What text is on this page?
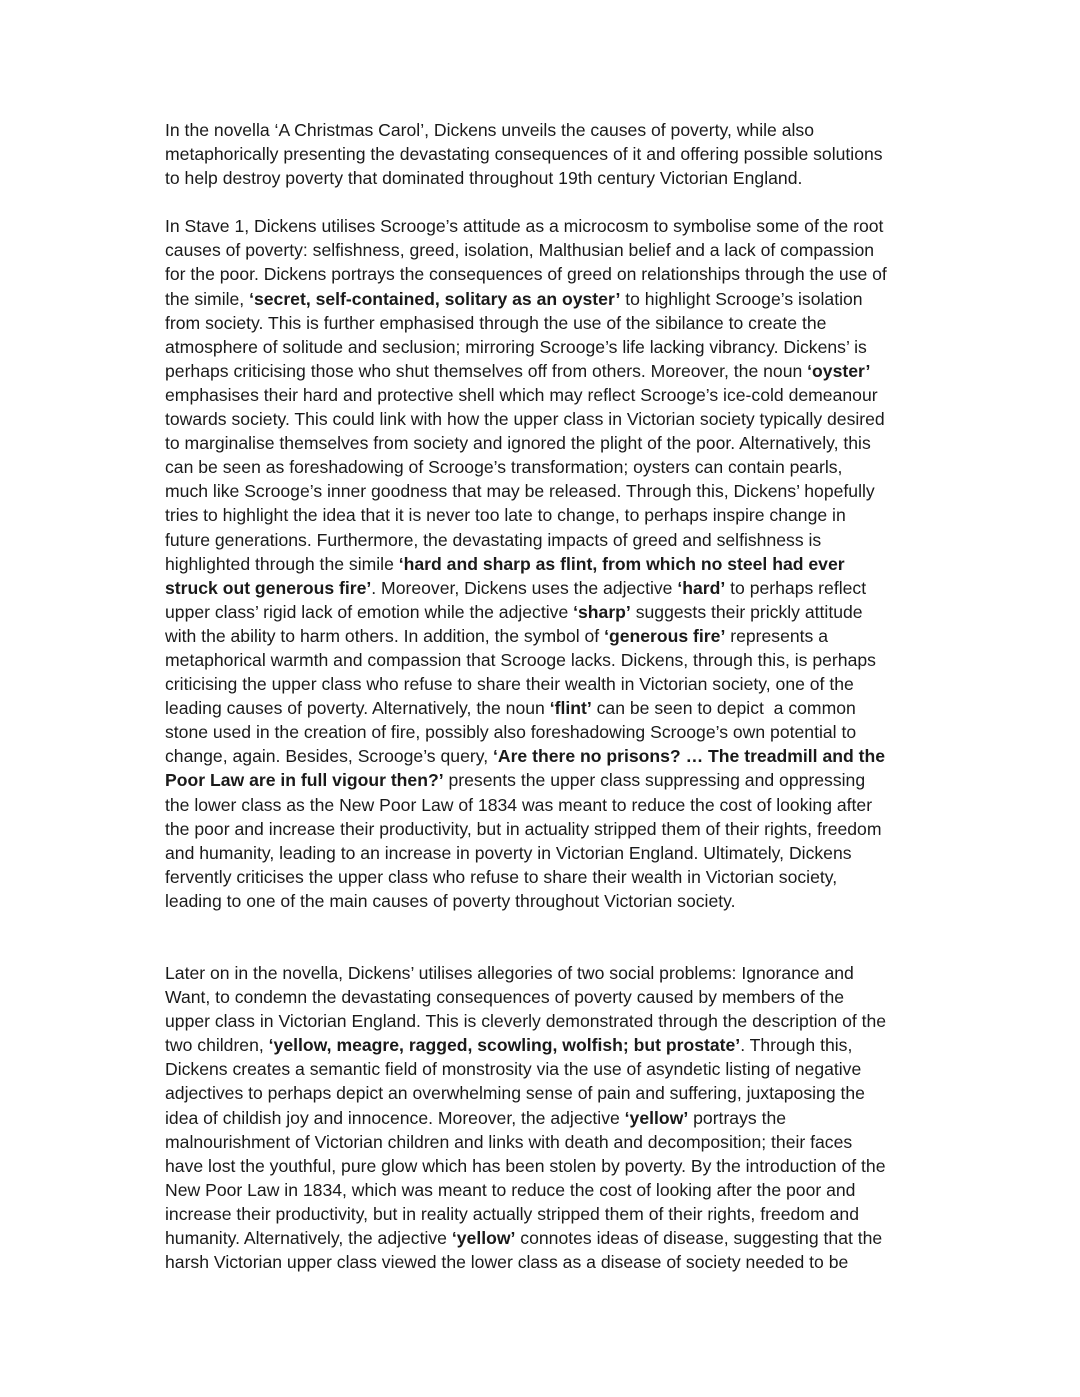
In the novella ‘A Christmas Carol’, Dickens unveils the causes of poverty, while also
metaphorically presenting the devastating consequences of it and offering possible solutions
to help destroy poverty that dominated throughout 19th century Victorian England.

In Stave 1, Dickens utilises Scrooge’s attitude as a microcosm to symbolise some of the root
causes of poverty: selfishness, greed, isolation, Malthusian belief and a lack of compassion
for the poor. Dickens portrays the consequences of greed on relationships through the use of
the simile, ‘secret, self-contained, solitary as an oyster’ to highlight Scrooge’s isolation
from society. This is further emphasised through the use of the sibilance to create the
atmosphere of solitude and seclusion; mirroring Scrooge’s life lacking vibrancy. Dickens’ is
perhaps criticising those who shut themselves off from others. Moreover, the noun ‘oyster’
emphasises their hard and protective shell which may reflect Scrooge’s ice-cold demeanour
towards society. This could link with how the upper class in Victorian society typically desired
to marginalise themselves from society and ignored the plight of the poor. Alternatively, this
can be seen as foreshadowing of Scrooge’s transformation; oysters can contain pearls,
much like Scrooge’s inner goodness that may be released. Through this, Dickens’ hopefully
tries to highlight the idea that it is never too late to change, to perhaps inspire change in
future generations. Furthermore, the devastating impacts of greed and selfishness is
highlighted through the simile ‘hard and sharp as flint, from which no steel had ever
struck out generous fire’. Moreover, Dickens uses the adjective ‘hard’ to perhaps reflect
upper class’ rigid lack of emotion while the adjective ‘sharp’ suggests their prickly attitude
with the ability to harm others. In addition, the symbol of ‘generous fire’ represents a
metaphorical warmth and compassion that Scrooge lacks. Dickens, through this, is perhaps
criticising the upper class who refuse to share their wealth in Victorian society, one of the
leading causes of poverty. Alternatively, the noun ‘flint’ can be seen to depict  a common
stone used in the creation of fire, possibly also foreshadowing Scrooge’s own potential to
change, again. Besides, Scrooge’s query, ‘Are there no prisons? … The treadmill and the
Poor Law are in full vigour then?’ presents the upper class suppressing and oppressing
the lower class as the New Poor Law of 1834 was meant to reduce the cost of looking after
the poor and increase their productivity, but in actuality stripped them of their rights, freedom
and humanity, leading to an increase in poverty in Victorian England. Ultimately, Dickens
fervently criticises the upper class who refuse to share their wealth in Victorian society,
leading to one of the main causes of poverty throughout Victorian society.

Later on in the novella, Dickens’ utilises allegories of two social problems: Ignorance and
Want, to condemn the devastating consequences of poverty caused by members of the
upper class in Victorian England. This is cleverly demonstrated through the description of the
two children, ‘yellow, meagre, ragged, scowling, wolfish; but prostate’. Through this,
Dickens creates a semantic field of monstrosity via the use of asyndetic listing of negative
adjectives to perhaps depict an overwhelming sense of pain and suffering, juxtaposing the
idea of childish joy and innocence. Moreover, the adjective ‘yellow’ portrays the
malnourishment of Victorian children and links with death and decomposition; their faces
have lost the youthful, pure glow which has been stolen by poverty. By the introduction of the
New Poor Law in 1834, which was meant to reduce the cost of looking after the poor and
increase their productivity, but in reality actually stripped them of their rights, freedom and
humanity. Alternatively, the adjective ‘yellow’ connotes ideas of disease, suggesting that the
harsh Victorian upper class viewed the lower class as a disease of society needed to be
